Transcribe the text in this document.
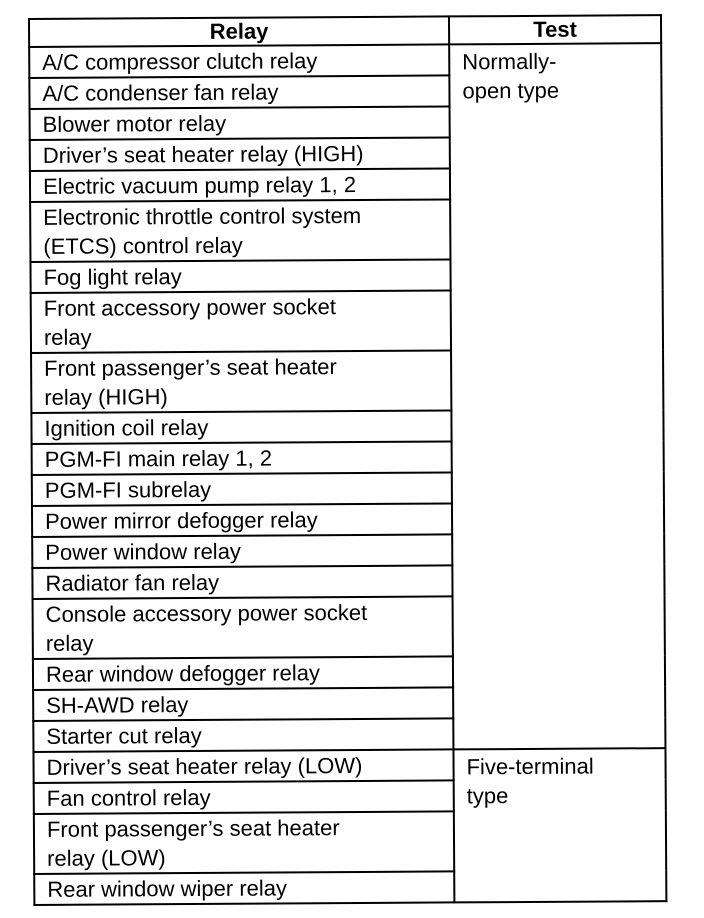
Relay	Test

A/C compressor clutch relay	Normally-
open type

A/C condenser fan relay	

Blower motor relay	

Driver’s seat heater relay (HIGH)	

Electric vacuum pump relay 1, 2	

Electronic throttle control system
(ETCS) control relay	

Fog light relay	

Front accessory power socket
relay	

Front passenger’s seat heater
relay (HIGH)	

Ignition coil relay	

PGM-FI main relay 1, 2	

PGM-FI subrelay	

Power mirror defogger relay	

Power window relay	

Radiator fan relay	

Console accessory power socket
relay	

Rear window defogger relay	

SH-AWD relay	

Starter cut relay	

Driver’s seat heater relay (LOW)	Five-terminal
type

Fan control relay	

Front passenger’s seat heater
relay (LOW)	

Rear window wiper relay	
